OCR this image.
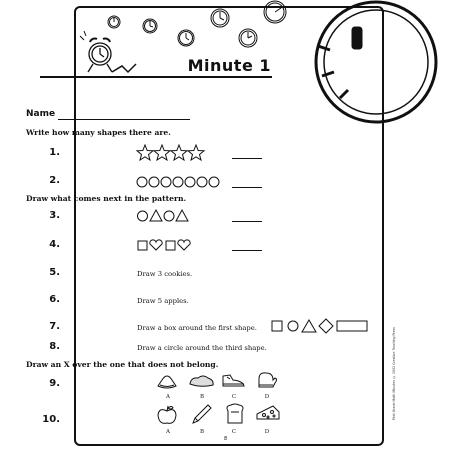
Minute 1
Name
Write how many shapes there are.
1.
2.
Draw what comes next in the pattern.
3.
4.
5.	Draw 3 cookies.
6.	Draw 5 apples.
7.	Draw a box around the first shape.
8.	Draw a circle around the third shape.
Draw an X over the one that does not belong.
9.
A	B	C	D
10.
A	B	C	D
8
First Grade Math Minutes © 2002 Creative Teaching Press
